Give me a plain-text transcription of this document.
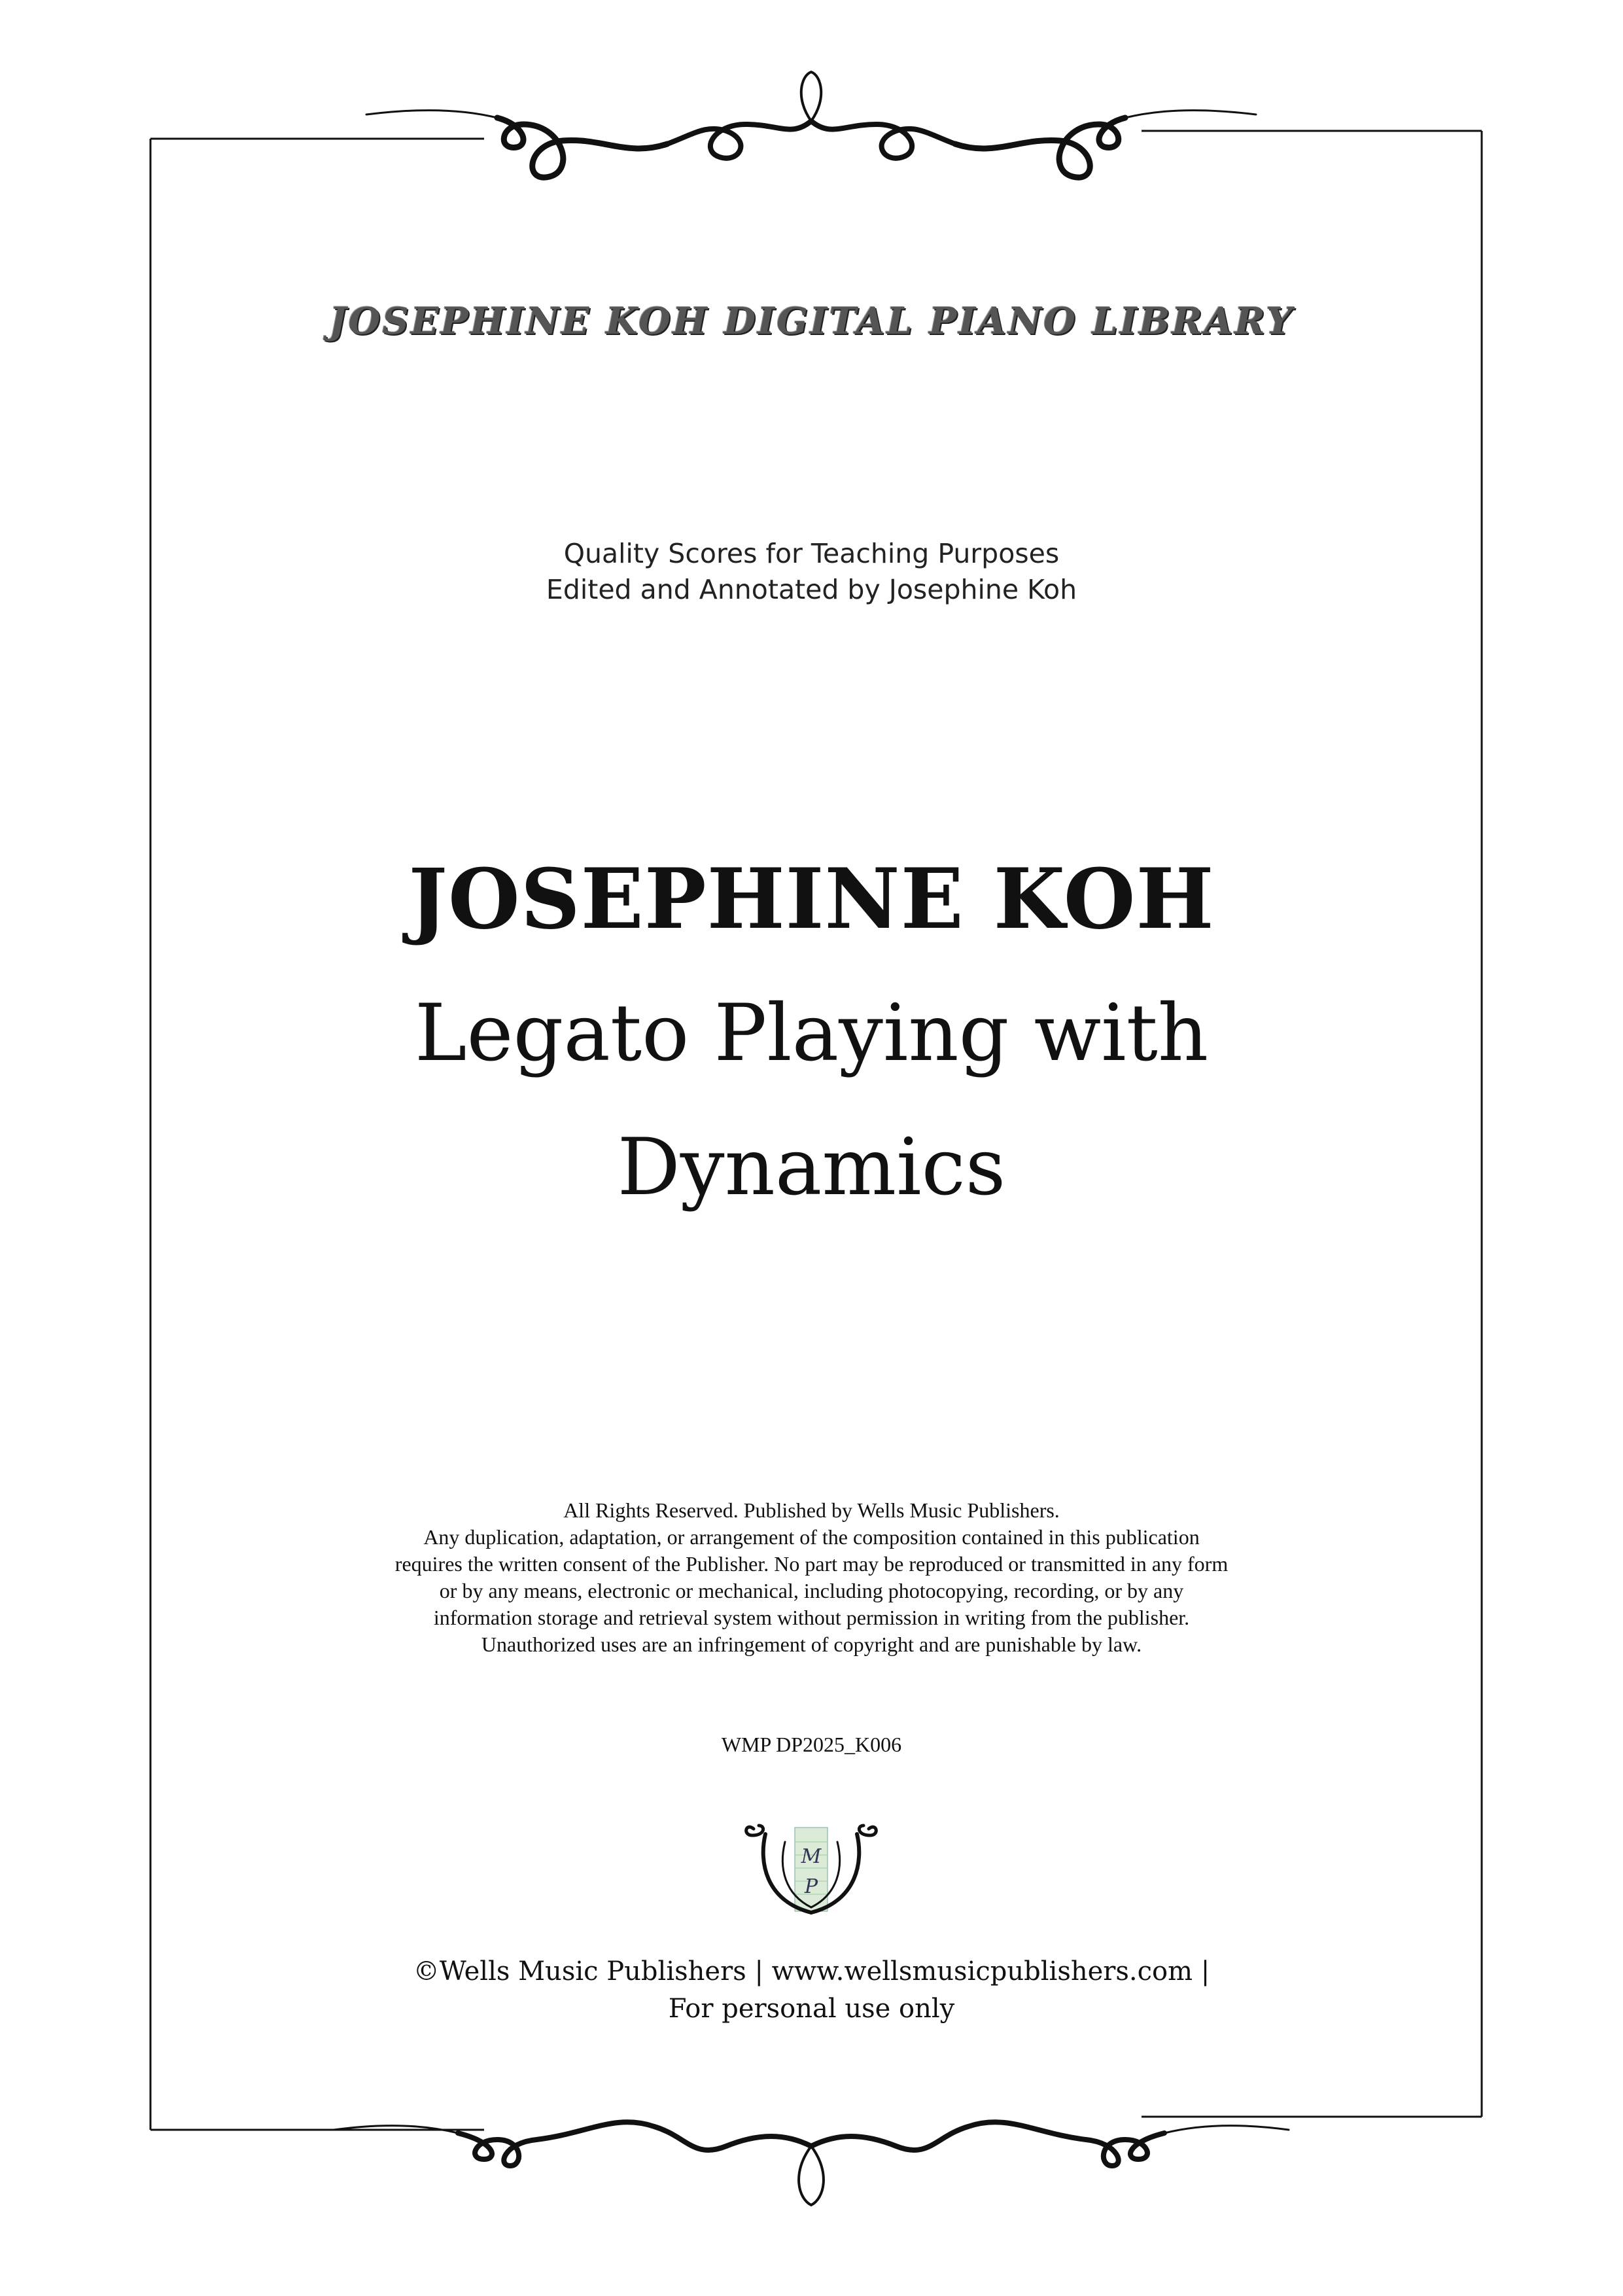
JOSEPHINE KOH DIGITAL PIANO LIBRARY
Quality Scores for Teaching Purposes
Edited and Annotated by Josephine Koh
JOSEPHINE KOH
Legato Playing with
Dynamics
All Rights Reserved. Published by Wells Music Publishers.
Any duplication, adaptation, or arrangement of the composition contained in this publication
requires the written consent of the Publisher. No part may be reproduced or transmitted in any form
or by any means, electronic or mechanical, including photocopying, recording, or by any
information storage and retrieval system without permission in writing from the publisher.
Unauthorized uses are an infringement of copyright and are punishable by law.
WMP DP2025_K006
M
P
©Wells Music Publishers | www.wellsmusicpublishers.com |
For personal use only
